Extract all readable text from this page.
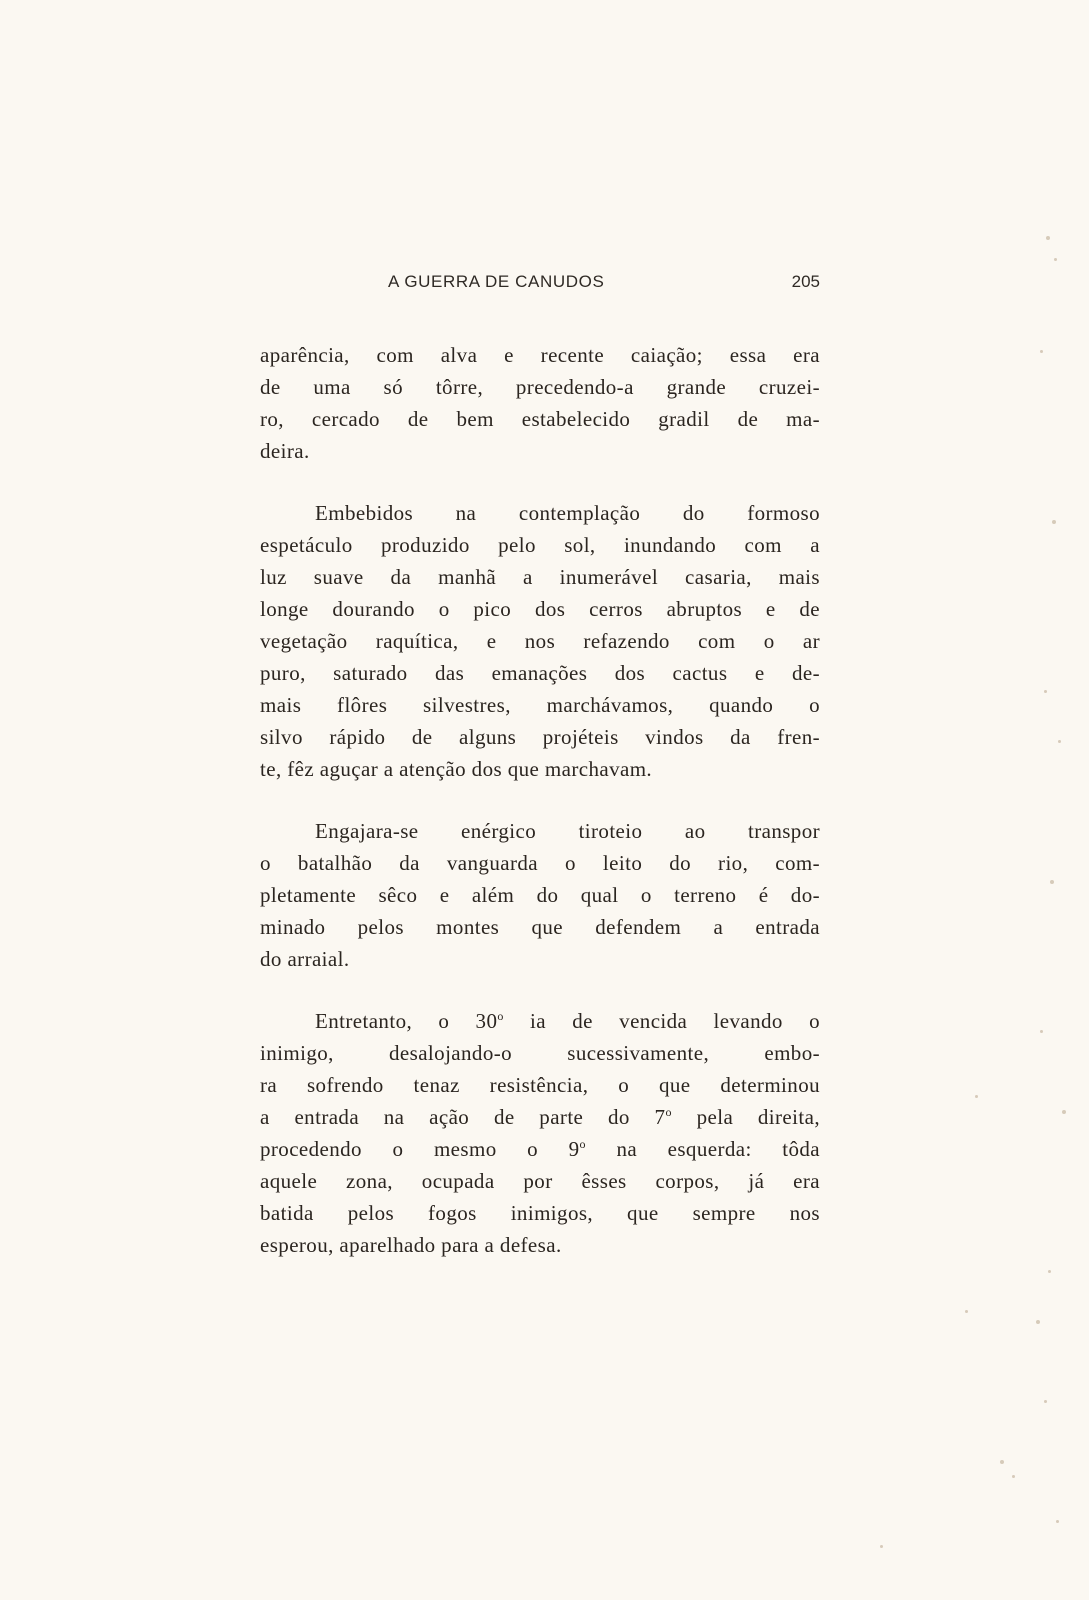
A GUERRA DE CANUDOS	205
aparência, com alva e recente caiação; essa era
de uma só tôrre, precedendo-a grande cruzei-
ro, cercado de bem estabelecido gradil de ma-
deira.
Embebidos na contemplação do formoso
espetáculo produzido pelo sol, inundando com a
luz suave da manhã a inumerável casaria, mais
longe dourando o pico dos cerros abruptos e de
vegetação raquítica, e nos refazendo com o ar
puro, saturado das emanações dos cactus e de-
mais flôres silvestres, marchávamos, quando o
silvo rápido de alguns projéteis vindos da fren-
te, fêz aguçar a atenção dos que marchavam.
Engajara-se enérgico tiroteio ao transpor
o batalhão da vanguarda o leito do rio, com-
pletamente sêco e além do qual o terreno é do-
minado pelos montes que defendem a entrada
do arraial.
Entretanto, o 30$^o$ ia de vencida levando o
inimigo, desalojando-o sucessivamente, embo-
ra sofrendo tenaz resistência, o que determinou
a entrada na ação de parte do 7$^o$ pela direita,
procedendo o mesmo o 9$^o$ na esquerda: tôda
aquele zona, ocupada por êsses corpos, já era
batida pelos fogos inimigos, que sempre nos
esperou, aparelhado para a defesa.
